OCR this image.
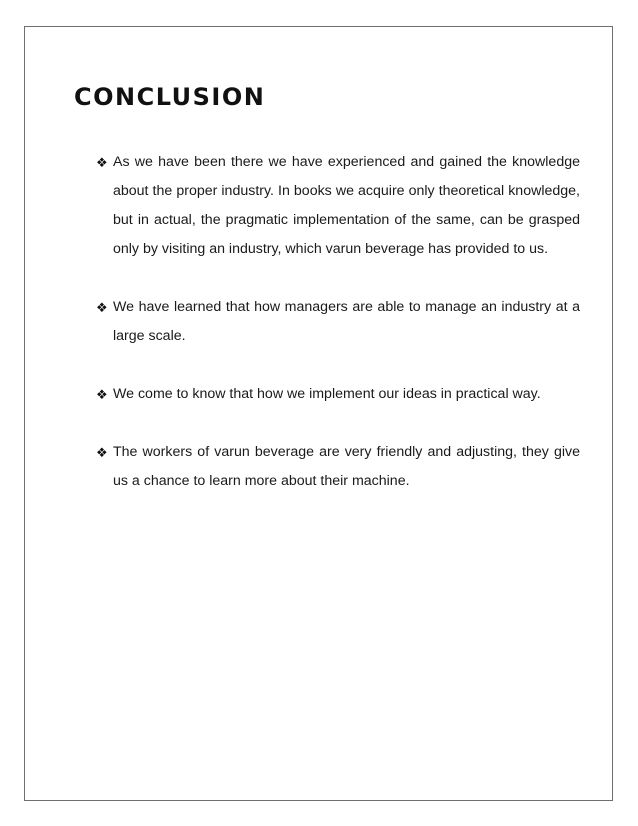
conclusion
❖ As we have been there we have experienced and gained the knowledge about the proper industry. In books we acquire only theoretical knowledge, but in actual, the pragmatic implementation of the same, can be grasped only by visiting an industry, which varun beverage has provided to us.
❖ We have learned that how managers are able to manage an industry at a large scale.
❖ We come to know that how we implement our ideas in practical way.
❖ The workers of varun beverage are very friendly and adjusting, they give us a chance to learn more about their machine.
